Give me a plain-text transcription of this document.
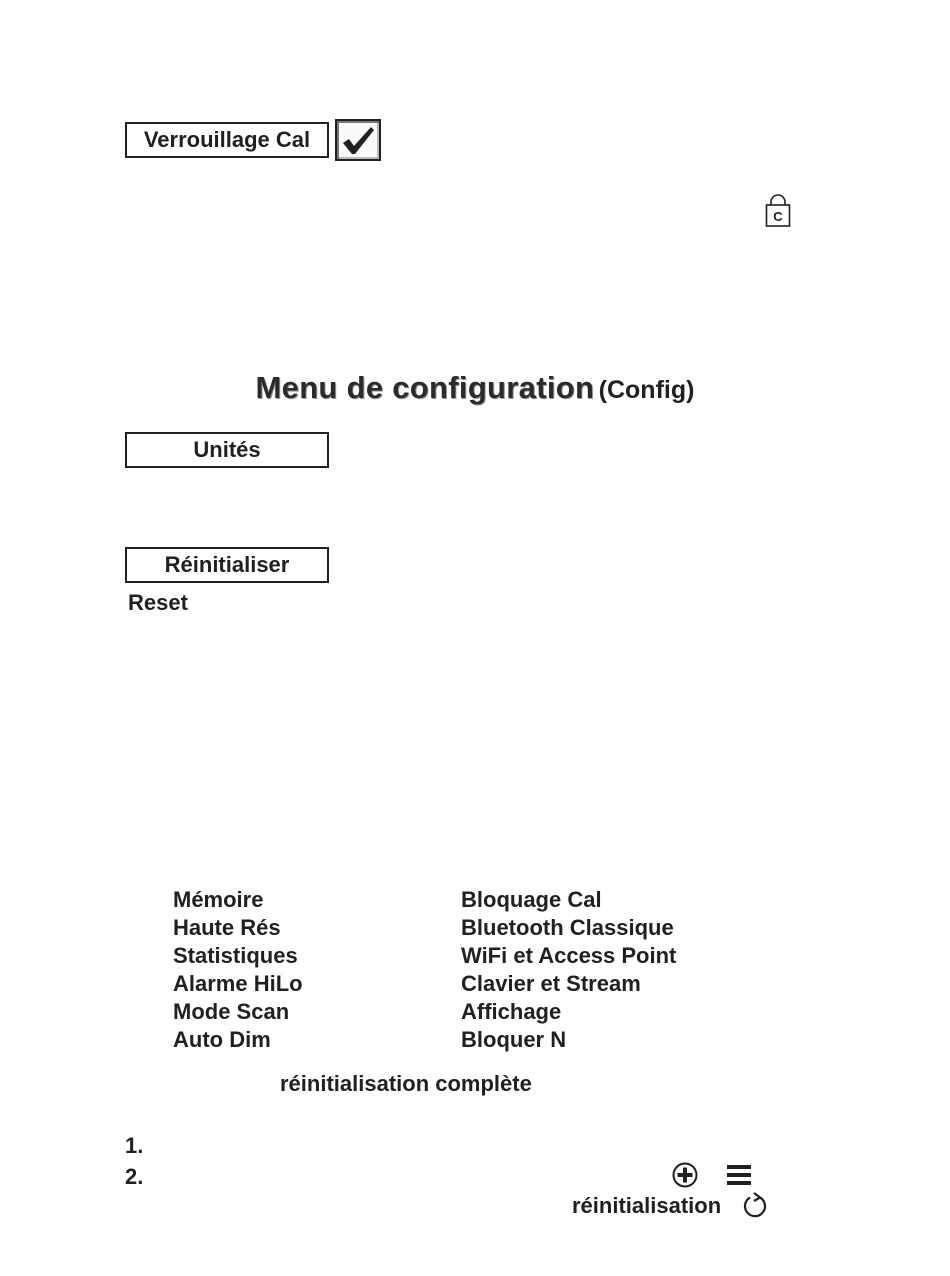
Verrouillage Cal
C
Menu de configuration (Config)
Unités
Réinitialiser
Reset
Mémoire
Haute Rés
Statistiques
Alarme HiLo
Mode Scan
Auto Dim
Bloquage Cal
Bluetooth Classique
WiFi et Access Point
Clavier et Stream
Affichage
Bloquer N
réinitialisation complète
1.
2.
réinitialisation
